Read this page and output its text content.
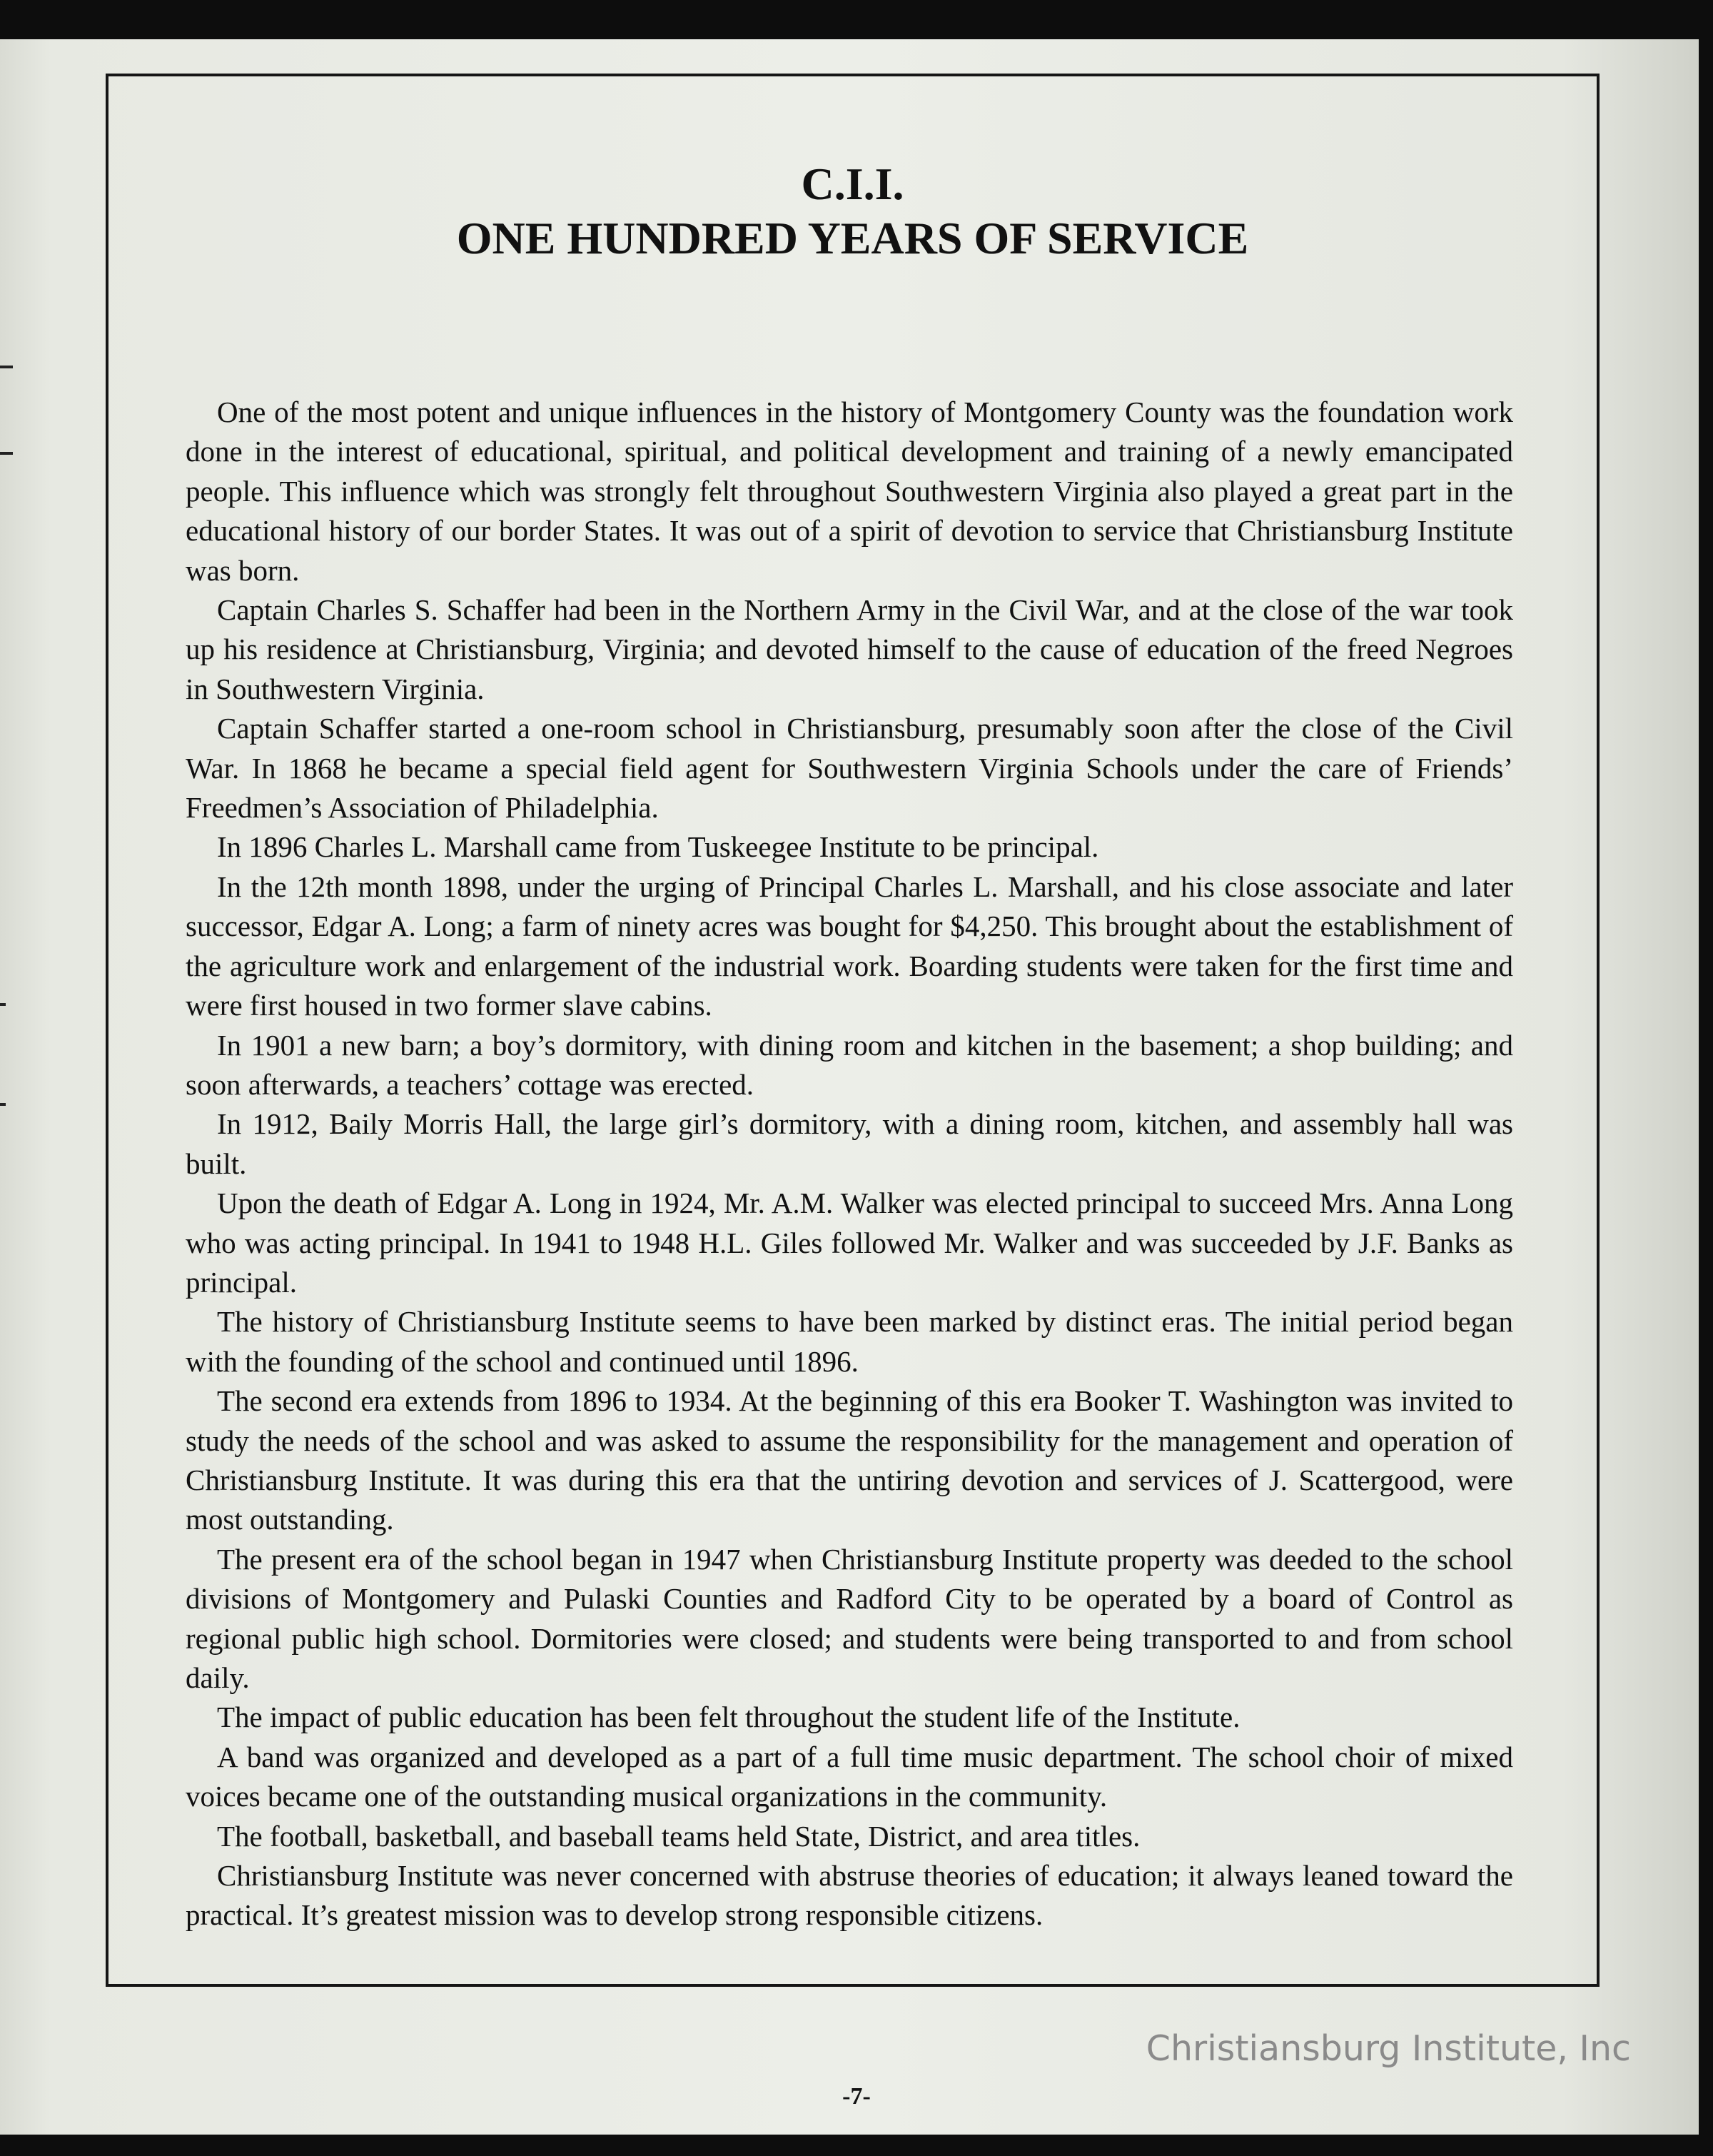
C.I.I.
ONE HUNDRED YEARS OF SERVICE

One of the most potent and unique influences in the history of Montgomery County was the foundation work done in the interest of educational, spiritual, and political development and training of a newly emancipated people. This influence which was strongly felt throughout Southwestern Virginia also played a great part in the educational history of our border States. It was out of a spirit of devotion to service that Christiansburg Institute was born.

Captain Charles S. Schaffer had been in the Northern Army in the Civil War, and at the close of the war took up his residence at Christiansburg, Virginia; and devoted himself to the cause of education of the freed Negroes in Southwestern Virginia.

Captain Schaffer started a one-room school in Christiansburg, presumably soon after the close of the Civil War. In 1868 he became a special field agent for Southwestern Virginia Schools under the care of Friends’ Freedmen’s Association of Philadelphia.

In 1896 Charles L. Marshall came from Tuskeegee Institute to be principal.

In the 12th month 1898, under the urging of Principal Charles L. Marshall, and his close associate and later successor, Edgar A. Long; a farm of ninety acres was bought for $4,250. This brought about the establishment of the agriculture work and enlargement of the industrial work. Boarding students were taken for the first time and were first housed in two former slave cabins.

In 1901 a new barn; a boy’s dormitory, with dining room and kitchen in the basement; a shop building; and soon afterwards, a teachers’ cottage was erected.

In 1912, Baily Morris Hall, the large girl’s dormitory, with a dining room, kitchen, and assembly hall was built.

Upon the death of Edgar A. Long in 1924, Mr. A.M. Walker was elected principal to succeed Mrs. Anna Long who was acting principal. In 1941 to 1948 H.L. Giles followed Mr. Walker and was succeeded by J.F. Banks as principal.

The history of Christiansburg Institute seems to have been marked by distinct eras. The initial period began with the founding of the school and continued until 1896.

The second era extends from 1896 to 1934. At the beginning of this era Booker T. Washington was invited to study the needs of the school and was asked to assume the responsibility for the management and operation of Christiansburg Institute. It was during this era that the untiring devotion and services of J. Scattergood, were most outstanding.

The present era of the school began in 1947 when Christiansburg Institute property was deeded to the school divisions of Montgomery and Pulaski Counties and Radford City to be operated by a board of Control as regional public high school. Dormitories were closed; and students were being transported to and from school daily.

The impact of public education has been felt throughout the student life of the Institute.

A band was organized and developed as a part of a full time music department. The school choir of mixed voices became one of the outstanding musical organizations in the community.

The football, basketball, and baseball teams held State, District, and area titles.

Christiansburg Institute was never concerned with abstruse theories of education; it always leaned toward the practical. It’s greatest mission was to develop strong responsible citizens.

Christiansburg Institute, Inc
-7-
